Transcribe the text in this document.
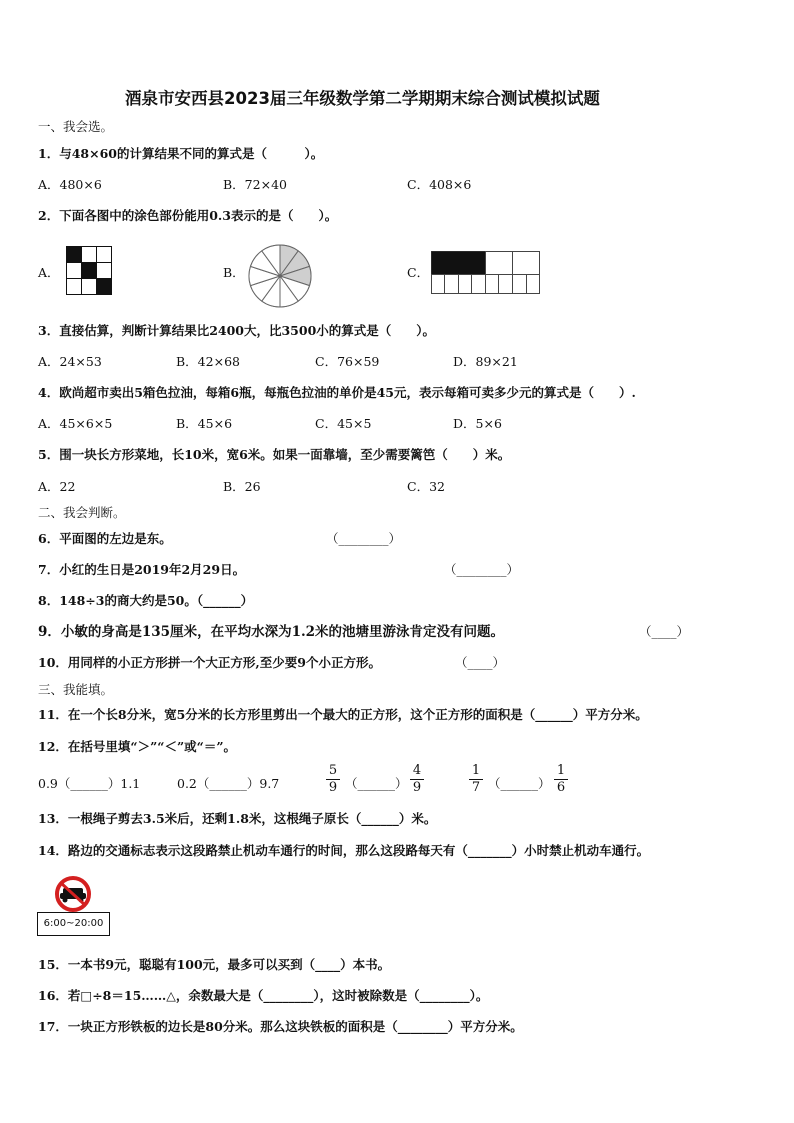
酒泉市安西县2023届三年级数学第二学期期末综合测试模拟试题
一、我会选。
1．与48×60的计算结果不同的算式是（　　　）。
A．480×6	B．72×40	C．408×6
2．下面各图中的涂色部份能用0.3表示的是（　　）。
A．	B．	C．
3．直接估算，判断计算结果比2400大，比3500小的算式是（　　）。
A．24×53	B．42×68	C．76×59	D．89×21
4．欧尚超市卖出5箱色拉油，每箱6瓶，每瓶色拉油的单价是45元，表示每箱可卖多少元的算式是（　　）.
A．45×6×5	B．45×6	C．45×5	D．5×6
5．围一块长方形菜地，长10米，宽6米。如果一面靠墙，至少需要篱笆（　　）米。
A．22	B．26	C．32
二、我会判断。
6．平面图的左边是东。	（________）
7．小红的生日是2019年2月29日。	（________）
8．148÷3的商大约是50。（______）
9．小敏的身高是135厘米，在平均水深为1.2米的池塘里游泳肯定没有问题。	（____）
10．用同样的小正方形拼一个大正方形,至少要9个小正方形。	（____）
三、我能填。
11．在一个长8分米，宽5分米的长方形里剪出一个最大的正方形，这个正方形的面积是（______）平方分米。
12．在括号里填“＞”“＜”或“＝”。
0.9（______）1.1	0.2（______）9.7
5
9 （______）
4
9
1
7 （______）
1
6
13．一根绳子剪去3.5米后，还剩1.8米，这根绳子原长（______）米。
14．路边的交通标志表示这段路禁止机动车通行的时间，那么这段路每天有（_______）小时禁止机动车通行。
6:00~20:00
15．一本书9元，聪聪有100元，最多可以买到（____）本书。
16．若□÷8＝15……△，余数最大是（________），这时被除数是（________）。
17．一块正方形铁板的边长是80分米。那么这块铁板的面积是（________）平方分米。
